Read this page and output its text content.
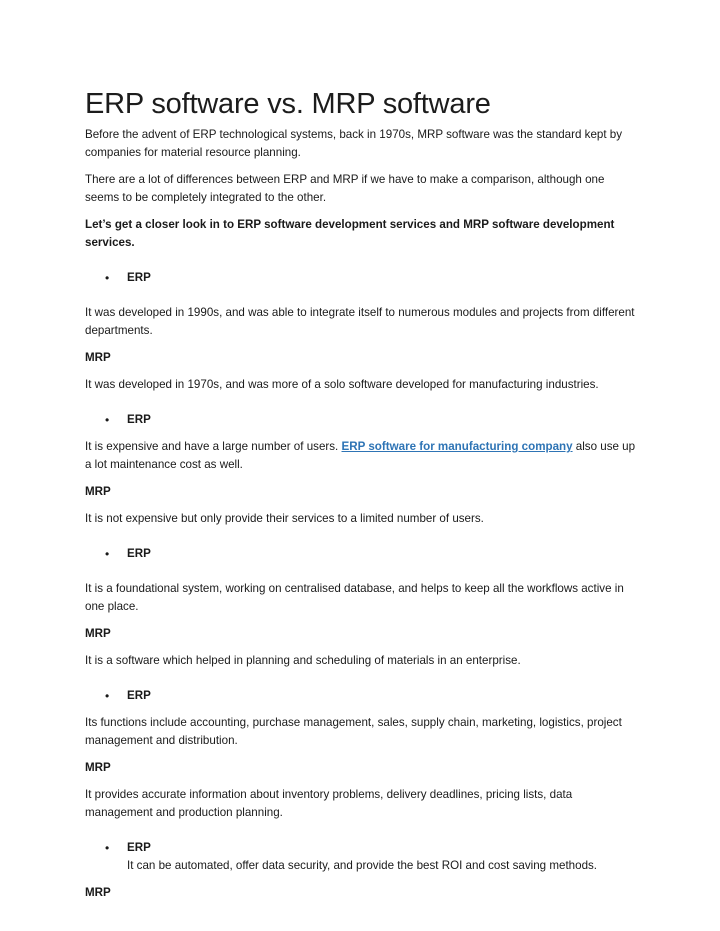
ERP software vs. MRP software

Before the advent of ERP technological systems, back in 1970s, MRP software was the standard kept by companies for material resource planning.

There are a lot of differences between ERP and MRP if we have to make a comparison, although one seems to be completely integrated to the other.

Let’s get a closer look in to ERP software development services and MRP software development services.

•	ERP

It was developed in 1990s, and was able to integrate itself to numerous modules and projects from different departments.

MRP

It was developed in 1970s, and was more of a solo software developed for manufacturing industries.

•	ERP

It is expensive and have a large number of users. ERP software for manufacturing company also use up a lot maintenance cost as well.

MRP

It is not expensive but only provide their services to a limited number of users.

•	ERP

It is a foundational system, working on centralised database, and helps to keep all the workflows active in one place.

MRP

It is a software which helped in planning and scheduling of materials in an enterprise.

•	ERP

Its functions include accounting, purchase management, sales, supply chain, marketing, logistics, project management and distribution.

MRP

It provides accurate information about inventory problems, delivery deadlines, pricing lists, data management and production planning.

•	ERP
It can be automated, offer data security, and provide the best ROI and cost saving methods.

MRP
